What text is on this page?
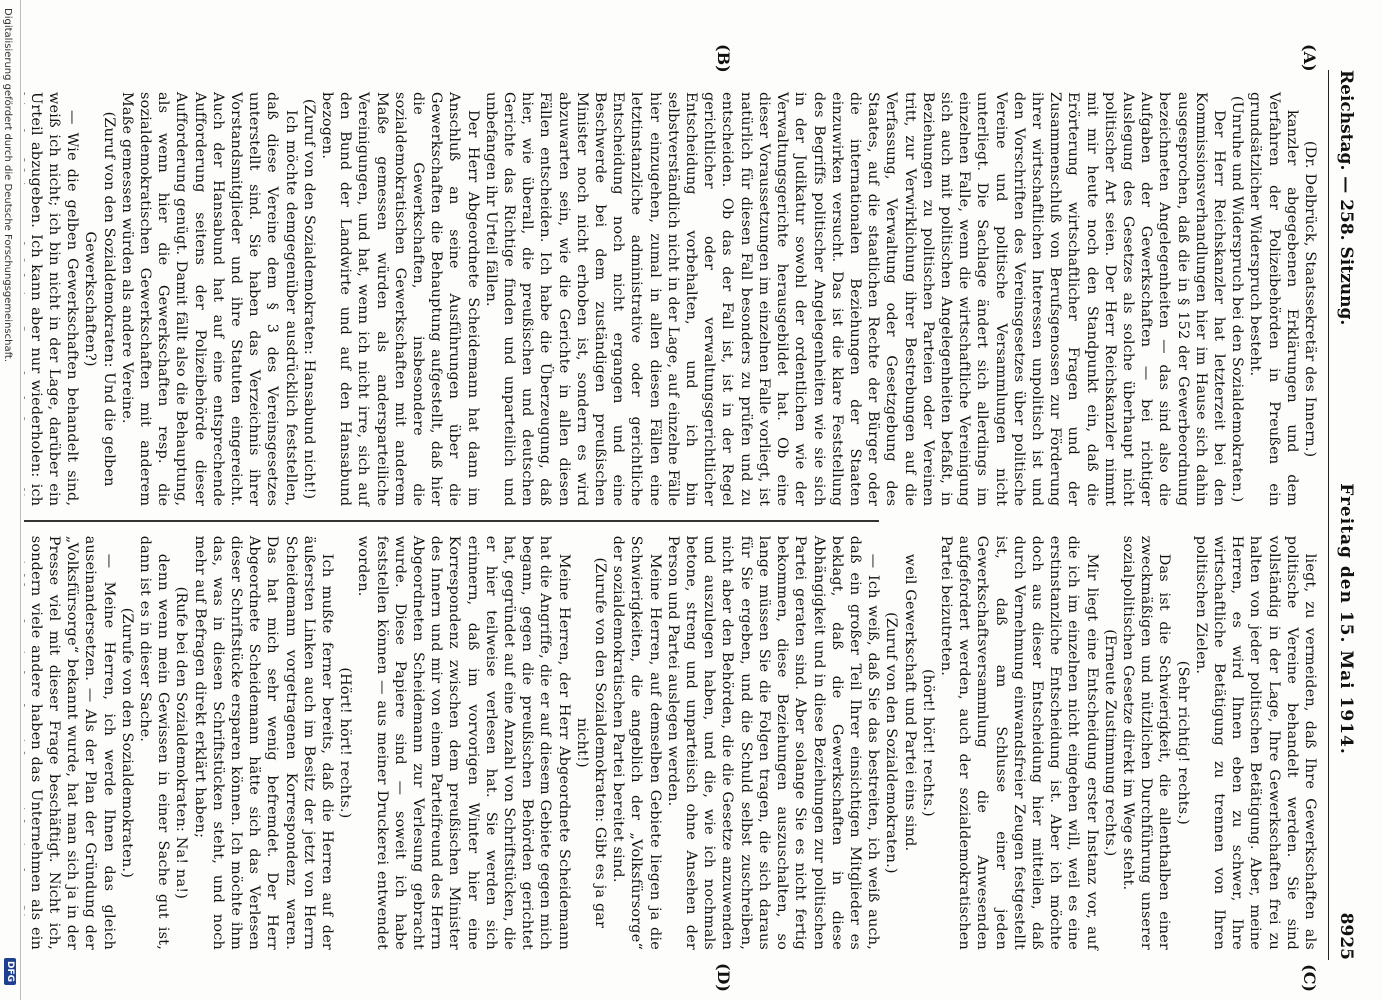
Reichstag. — 258. Sitzung.
Freitag den 15. Mai 1914.
8925
(A)
(B)
(C)
(D)

(Dr. Delbrück, Staatssekretär des Innern.)

kanzler abgegebenen Erklärungen und dem Verfahren der Polizeibehörden in Preußen ein grundsätzlicher Widerspruch besteht.

(Unruhe und Widerspruch bei den Sozialdemokraten.)

Der Herr Reichskanzler hat letzterzeit bei den Kommissionsverhandlungen hier im Hause sich dahin ausgesprochen, daß die in § 152 der Gewerbeordnung bezeichneten Angelegenheiten — das sind also die Aufgaben der Gewerkschaften — bei richtiger Auslegung des Gesetzes als solche überhaupt nicht politischer Art seien. Der Herr Reichskanzler nimmt mit mir heute noch den Standpunkt ein, daß die Erörterung wirtschaftlicher Fragen und der Zusammenschluß von Berufsgenossen zur Förderung ihrer wirtschaftlichen Interessen unpolitisch ist und den Vorschriften des Vereinsgesetzes über politische Vereine und politische Versammlungen nicht unterliegt. Die Sachlage ändert sich allerdings im einzelnen Falle, wenn die wirtschaftliche Vereinigung sich auch mit politischen Angelegenheiten befaßt, in Beziehungen zu politischen Parteien oder Vereinen tritt, zur Verwirklichung ihrer Bestrebungen auf die Verfassung, Verwaltung oder Gesetzgebung des Staates, auf die staatlichen Rechte der Bürger oder die internationalen Beziehungen der Staaten einzuwirken versucht. Das ist die klare Feststellung des Begriffs politischer Angelegenheiten wie sie sich in der Judikatur sowohl der ordentlichen wie der Verwaltungsgerichte herausgebildet hat. Ob eine dieser Voraussetzungen im einzelnen Falle vorliegt, ist natürlich für diesen Fall besonders zu prüfen und zu entscheiden. Ob das der Fall ist, ist in der Regel gerichtlicher oder verwaltungsgerichtlicher Entscheidung vorbehalten, und ich bin selbstverständlich nicht in der Lage, auf einzelne Fälle hier einzugehen, zumal in allen diesen Fällen eine letztinstanzliche administrative oder gerichtliche Entscheidung noch nicht ergangen und eine Beschwerde bei dem zuständigen preußischen Minister noch nicht erhoben ist, sondern es wird abzuwarten sein, wie die Gerichte in allen diesen Fällen entscheiden. Ich habe die Überzeugung, daß hier, wie überall, die preußischen und deutschen Gerichte das Richtige finden und unparteilich und unbefangen ihr Urteil fällen.

Der Herr Abgeordnete Scheidemann hat dann im Anschluß an seine Ausführungen über die Gewerkschaften die Behauptung aufgestellt, daß hier die Gewerkschaften, insbesondere die sozialdemokratischen Gewerkschaften mit anderem Maße gemessen würden als andersparteiliche Vereinigungen, und hat, wenn ich nicht irre, sich auf den Bund der Landwirte und auf den Hansabund bezogen.

(Zuruf von den Sozialdemokraten: Hansabund nicht!)

Ich möchte demgegenüber ausdrücklich feststellen, daß diese Vereine dem § 3 des Vereinsgesetzes unterstellt sind. Sie haben das Verzeichnis ihrer Vorstandsmitglieder und ihre Statuten eingereicht. Auch der Hansabund hat auf eine entsprechende Aufforderung seitens der Polizeibehörde dieser Aufforderung genügt. Damit fällt also die Behauptung, als wenn hier die Gewerkschaften resp. die sozialdemokratischen Gewerkschaften mit anderem Maße gemessen würden als andere Vereine.

(Zuruf von den Sozialdemokraten: Und die gelben Gewerkschaften?)

— Wie die gelben Gewerkschaften behandelt sind, weiß ich nicht; ich bin nicht in der Lage, darüber ein Urteil abzugeben. Ich kann aber nur wiederholen: ich

liegt, zu vermeiden, daß Ihre Gewerkschaften als politische Vereine behandelt werden. Sie sind vollständig in der Lage, Ihre Gewerkschaften frei zu halten von jeder politischen Betätigung. Aber, meine Herren, es wird Ihnen eben zu schwer, Ihre wirtschaftliche Betätigung zu trennen von Ihren politischen Zielen.

(Sehr richtig! rechts.)

Das ist die Schwierigkeit, die allenthalben einer zweckmäßigen und nützlichen Durchführung unserer sozialpolitischen Gesetze direkt im Wege steht.

(Erneute Zustimmung rechts.)

Mir liegt eine Entscheidung erster Instanz vor, auf die ich im einzelnen nicht eingehen will, weil es eine erstinstanzliche Entscheidung ist. Aber ich möchte doch aus dieser Entscheidung hier mitteilen, daß durch Vernehmung einwandsfreier Zeugen festgestellt ist, daß am Schlusse einer jeden Gewerkschaftsversammlung die Anwesenden aufgefordert werden, auch der sozialdemokratischen Partei beizutreten.

(hört! hört! rechts.)

weil Gewerkschaft und Partei eins sind.

(Zuruf von den Sozialdemokraten.)

— Ich weiß, daß Sie das bestreiten, ich weiß auch, daß ein großer Teil Ihrer einsichtigen Mitglieder es beklagt, daß die Gewerkschaften in diese Abhängigkeit und in diese Beziehungen zur politischen Partei geraten sind. Aber solange Sie es nicht fertig bekommen, diese Beziehungen auszuschalten, so lange müssen Sie die Folgen tragen, die sich daraus für Sie ergeben, und die Schuld selbst zuschreiben, nicht aber den Behörden, die die Gesetze anzuwenden und auszulegen haben, und die, wie ich nochmals betone, streng und unparteiisch ohne Ansehen der Person und Partei auslegen werden.

Meine Herren, auf demselben Gebiete liegen ja die Schwierigkeiten, die angeblich der „Volksfürsorge“ der sozialdemokratischen Partei bereitet sind.

(Zurufe von den Sozialdemokraten: Gibt es ja gar nicht!)

Meine Herren, der Herr Abgeordnete Scheidemann hat die Angriffe, die er auf diesem Gebiete gegen mich begann, gegen die preußischen Behörden gerichtet hat, gegründet auf eine Anzahl von Schriftstücken, die er hier teilweise verlesen hat. Sie werden sich erinnern, daß im vorvorigen Winter hier eine Korrespondenz zwischen dem preußischen Minister des Innern und mir von einem Parteifreund des Herrn Abgeordneten Scheidemann zur Verlesung gebracht wurde. Diese Papiere sind — soweit ich habe feststellen können — aus meiner Druckerei entwendet worden.

(Hört! hört! rechts.)

Ich mußte ferner bereits, daß die Herren auf der äußersten Linken auch im Besitz der jetzt von Herrn Scheidemann vorgetragenen Korrespondenz waren. Das hat mich sehr wenig befremdet. Der Herr Abgeordnete Scheidemann hätte sich das Verlesen dieser Schriftstücke ersparen können. Ich möchte ihm das, was in diesen Schriftstücken steht, und noch mehr auf Befragen direkt erklärt haben;

(Rufe bei den Sozialdemokraten: Na! na!)

denn wenn mein Gewissen in einer Sache gut ist, dann ist es in dieser Sache.

(Zurufe von den Sozialdemokraten.)

— Meine Herren, ich werde Ihnen das gleich auseinandersetzen. — Als der Plan der Gründung der „Volksfürsorge“ bekannt wurde, hat man sich ja in der Presse viel mit dieser Frage beschäftigt. Nicht ich, sondern viele andere haben das Unternehmen als ein

Digitalisierung gefördert durch die Deutsche Forschungsgemeinschaft.
DFG
